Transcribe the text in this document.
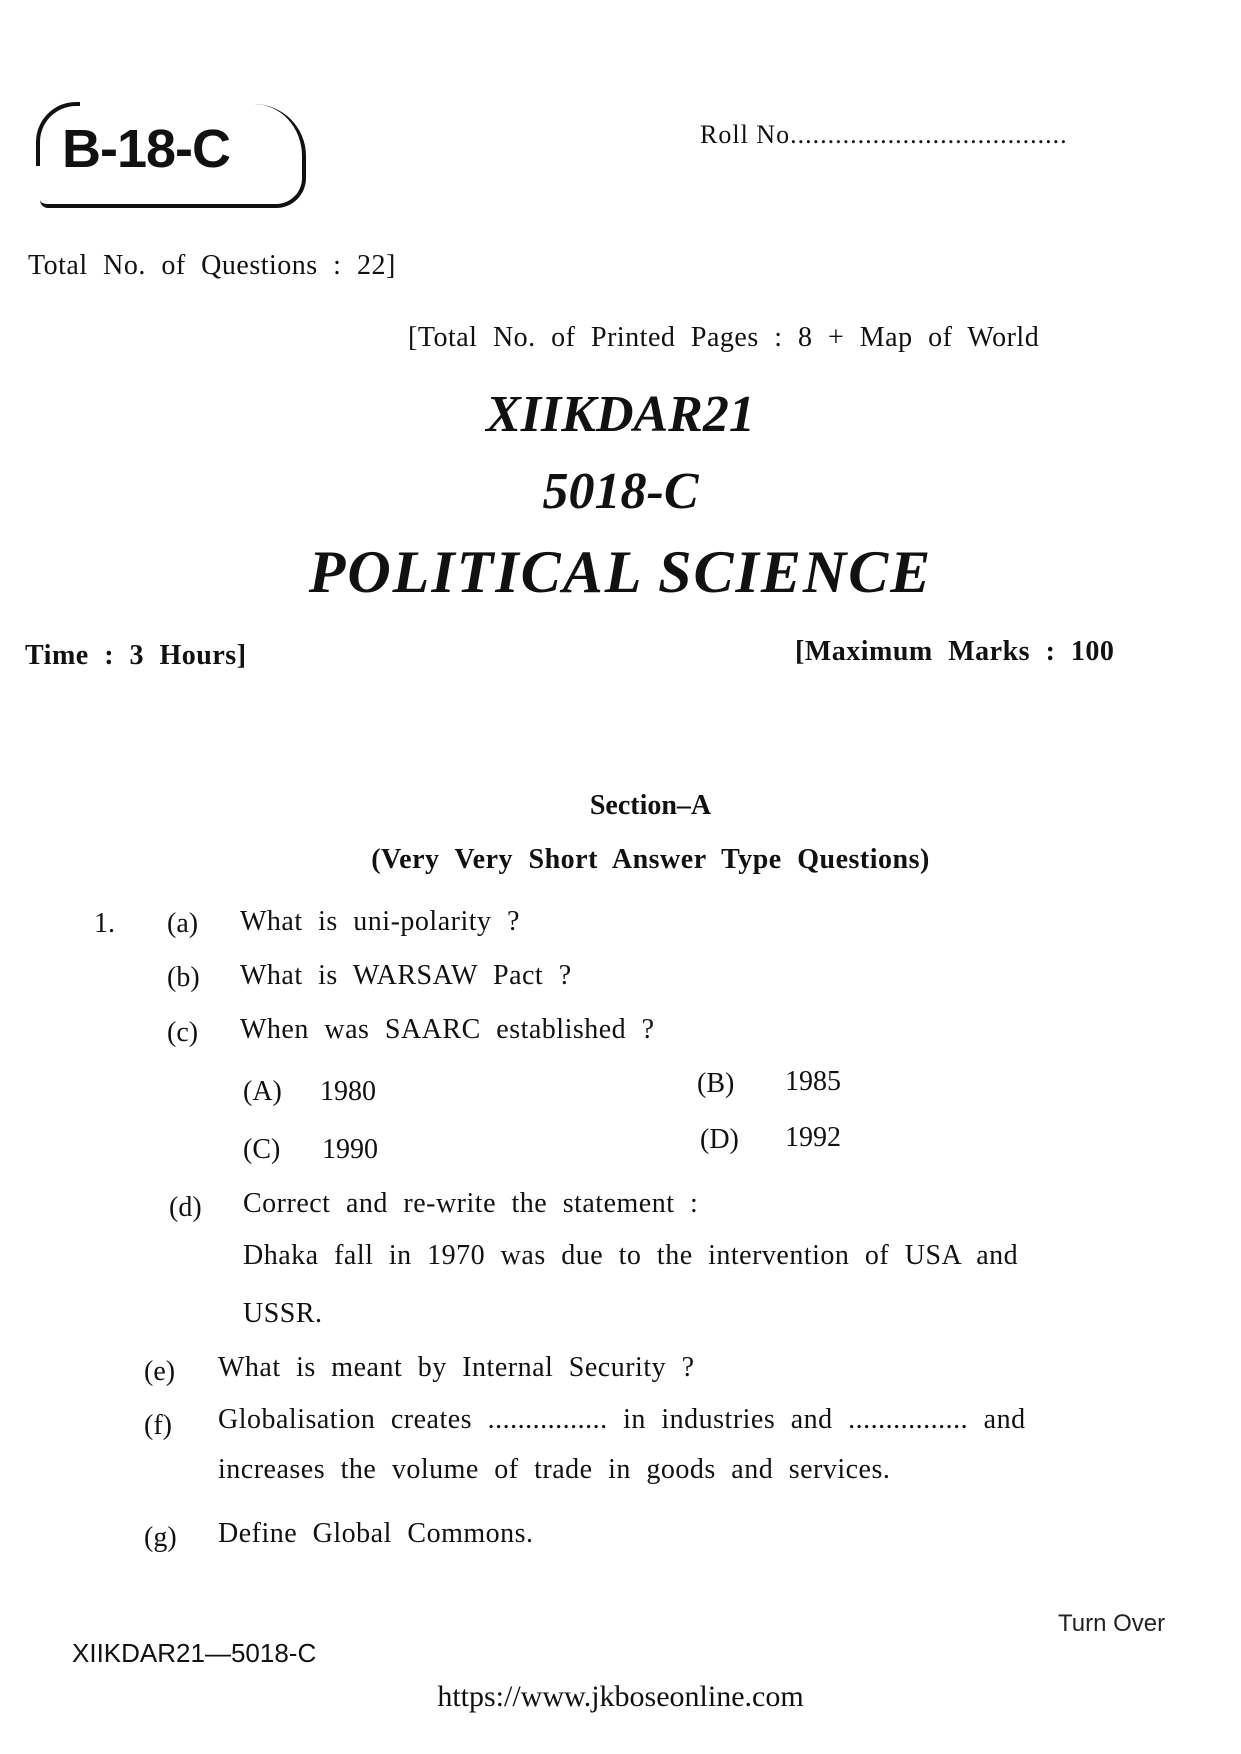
B-18-C	Roll No.....................................
Total No. of Questions : 22]
[Total No. of Printed Pages : 8 + Map of World
XIIKDAR21
5018-C
POLITICAL SCIENCE
Time : 3 Hours]	[Maximum Marks : 100
Section–A
(Very Very Short Answer Type Questions)
1. (a) What is uni-polarity ?
(b) What is WARSAW Pact ?
(c) When was SAARC established ?
(A) 1980	(B) 1985
(C) 1990	(D) 1992
(d) Correct and re-write the statement :
Dhaka fall in 1970 was due to the intervention of USA and
USSR.
(e) What is meant by Internal Security ?
(f) Globalisation creates ................ in industries and ................ and
increases the volume of trade in goods and services.
(g) Define Global Commons.
Turn Over
XIIKDAR21—5018-C
https://www.jkboseonline.com
